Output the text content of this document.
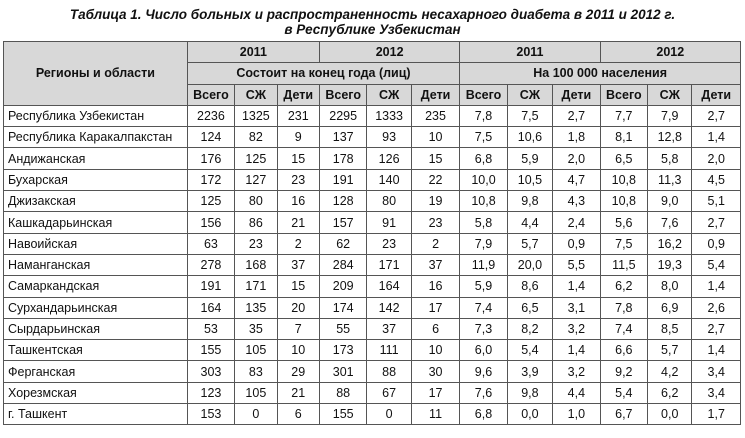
Таблица 1. Число больных и распространенность несахарного диабета в 2011 и 2012 г.
в Республике Узбекистан
Регионы и области	2011			2012			2011			2012		
	Состоит на конец года (лиц)						На 100 000 населения					
	Всего	СЖ	Дети	Всего	СЖ	Дети	Всего	СЖ	Дети	Всего	СЖ	Дети
Республика Узбекистан	2236	1325	231	2295	1333	235	7,8	7,5	2,7	7,7	7,9	2,7
Республика Каракалпакстан	124	82	9	137	93	10	7,5	10,6	1,8	8,1	12,8	1,4
Андижанская	176	125	15	178	126	15	6,8	5,9	2,0	6,5	5,8	2,0
Бухарская	172	127	23	191	140	22	10,0	10,5	4,7	10,8	11,3	4,5
Джизакская	125	80	16	128	80	19	10,8	9,8	4,3	10,8	9,0	5,1
Кашкадарьинская	156	86	21	157	91	23	5,8	4,4	2,4	5,6	7,6	2,7
Навоийская	63	23	2	62	23	2	7,9	5,7	0,9	7,5	16,2	0,9
Наманганская	278	168	37	284	171	37	11,9	20,0	5,5	11,5	19,3	5,4
Самаркандская	191	171	15	209	164	16	5,9	8,6	1,4	6,2	8,0	1,4
Сурхандарьинская	164	135	20	174	142	17	7,4	6,5	3,1	7,8	6,9	2,6
Сырдарьинская	53	35	7	55	37	6	7,3	8,2	3,2	7,4	8,5	2,7
Ташкентская	155	105	10	173	111	10	6,0	5,4	1,4	6,6	5,7	1,4
Ферганская	303	83	29	301	88	30	9,6	3,9	3,2	9,2	4,2	3,4
Хорезмская	123	105	21	88	67	17	7,6	9,8	4,4	5,4	6,2	3,4
г. Ташкент	153	0	6	155	0	11	6,8	0,0	1,0	6,7	0,0	1,7
